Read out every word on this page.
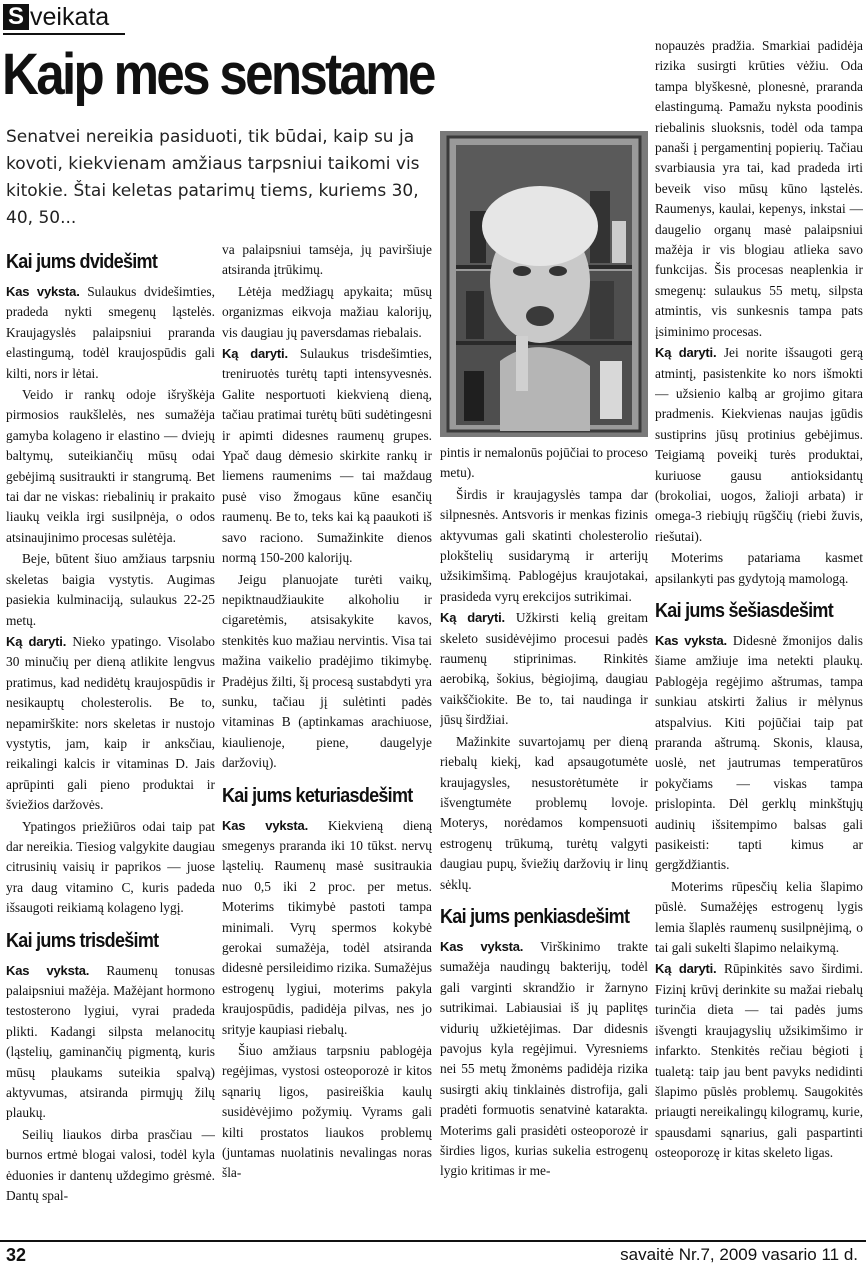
S veikata
Kaip mes senstame

Senatvei nereikia pasiduoti, tik būdai, kaip su ja kovoti, kiekvienam amžiaus tarpsniui taikomi vis kitokie. Štai keletas patarimų tiems, kuriems 30, 40, 50...

Kai jums dvidešimt

Kas vyksta. Sulaukus dvidešimties, pradeda nykti smegenų ląstelės. Kraujagyslės palaipsniui praranda elastingumą, todėl kraujospūdis gali kilti, nors ir lėtai.

Veido ir rankų odoje išryškėja pirmosios raukšlelės, nes sumažėja gamyba kolageno ir elastino — dviejų baltymų, suteikiančių mūsų odai gebėjimą susitraukti ir stangrumą. Bet tai dar ne viskas: riebalinių ir prakaito liaukų veikla irgi susilpnėja, o odos atsinaujinimo procesas sulėtėja.

Beje, būtent šiuo amžiaus tarpsniu skeletas baigia vystytis. Augimas pasiekia kulminaciją, sulaukus 22-25 metų.

Ką daryti. Nieko ypatingo. Visolabo 30 minučių per dieną atlikite lengvus pratimus, kad nedidėtų kraujospūdis ir nesikauptų cholesterolis. Be to, nepamirškite: nors skeletas ir nustojo vystytis, jam, kaip ir anksčiau, reikalingi kalcis ir vitaminas D. Jais aprūpinti gali pieno produktai ir šviežios daržovės.

Ypatingos priežiūros odai taip pat dar nereikia. Tiesiog valgykite daugiau citrusinių vaisių ir paprikos — juose yra daug vitamino C, kuris padeda išsaugoti reikiamą kolageno lygį.

Kai jums trisdešimt

Kas vyksta. Raumenų tonusas palaipsniui mažėja. Mažėjant hormono testosterono lygiui, vyrai pradeda plikti. Kadangi silpsta melanocitų (ląstelių, gaminančių pigmentą, kuris mūsų plaukams suteikia spalvą) aktyvumas, atsiranda pirmųjų žilų plaukų.

Seilių liaukos dirba prasčiau — burnos ertmė blogai valosi, todėl kyla ėduonies ir dantenų uždegimo grėsmė. Dantų spal-

va palaipsniui tamsėja, jų paviršiuje atsiranda įtrūkimų.

Lėtėja medžiagų apykaita; mūsų organizmas eikvoja mažiau kalorijų, vis daugiau jų paversdamas riebalais.

Ką daryti. Sulaukus trisdešimties, treniruotės turėtų tapti intensyvesnės. Galite nesportuoti kiekvieną dieną, tačiau pratimai turėtų būti sudėtingesni ir apimti didesnes raumenų grupes. Ypač daug dėmesio skirkite rankų ir liemens raumenims — tai maždaug pusė viso žmogaus kūne esančių raumenų. Be to, teks kai ką paaukoti iš savo raciono. Sumažinkite dienos normą 150-200 kalorijų.

Jeigu planuojate turėti vaikų, nepiktnaudžiaukite alkoholiu ir cigaretėmis, atsisakykite kavos, stenkitės kuo mažiau nervintis. Visa tai mažina vaikelio pradėjimo tikimybę. Pradėjus žilti, šį procesą sustabdyti yra sunku, tačiau jį sulėtinti padės vitaminas B (aptinkamas arachiuose, kiaulienoje, piene, daugelyje daržovių).

Kai jums keturiasdešimt

Kas vyksta. Kiekvieną dieną smegenys praranda iki 10 tūkst. nervų ląstelių. Raumenų masė susitraukia nuo 0,5 iki 2 proc. per metus. Moterims tikimybė pastoti tampa minimali. Vyrų spermos kokybė gerokai sumažėja, todėl atsiranda didesnė persileidimo rizika. Sumažėjus estrogenų lygiui, moterims pakyla kraujospūdis, padidėja pilvas, nes jo srityje kaupiasi riebalų.

Šiuo amžiaus tarpsniu pablogėja regėjimas, vystosi osteoporozė ir kitos sąnarių ligos, pasireiškia kaulų susidėvėjimo požymių. Vyrams gali kilti prostatos liaukos problemų (juntamas nuolatinis nevalingas noras šla-

pintis ir nemalonūs pojūčiai to proceso metu).

Širdis ir kraujagyslės tampa dar silpnesnės. Antsvoris ir menkas fizinis aktyvumas gali skatinti cholesterolio plokštelių susidarymą ir arterijų užsikimšimą. Pablogėjus kraujotakai, prasideda vyrų erekcijos sutrikimai.

Ką daryti. Užkirsti kelią greitam skeleto susidėvėjimo procesui padės raumenų stiprinimas. Rinkitės aerobiką, šokius, bėgiojimą, daugiau vaikščiokite. Be to, tai naudinga ir jūsų širdžiai.

Mažinkite suvartojamų per dieną riebalų kiekį, kad apsaugotumėte kraujagysles, nesustorėtumėte ir išvengtumėte problemų lovoje. Moterys, norėdamos kompensuoti estrogenų trūkumą, turėtų valgyti daugiau pupų, šviežių daržovių ir linų sėklų.

Kai jums penkiasdešimt

Kas vyksta. Virškinimo trakte sumažėja naudingų bakterijų, todėl gali varginti skrandžio ir žarnyno sutrikimai. Labiausiai iš jų paplitęs vidurių užkietėjimas. Dar didesnis pavojus kyla regėjimui. Vyresniems nei 55 metų žmonėms padidėja rizika susirgti akių tinklainės distrofija, gali pradėti formuotis senatvinė katarakta. Moterims gali prasidėti osteoporozė ir širdies ligos, kurias sukelia estrogenų lygio kritimas ir me-

nopauzės pradžia. Smarkiai padidėja rizika susirgti krūties vėžiu. Oda tampa blyškesnė, plonesnė, praranda elastingumą. Pamažu nyksta poodinis riebalinis sluoksnis, todėl oda tampa panaši į pergamentinį popierių. Tačiau svarbiausia yra tai, kad pradeda irti beveik viso mūsų kūno ląstelės. Raumenys, kaulai, kepenys, inkstai — daugelio organų masė palaipsniui mažėja ir vis blogiau atlieka savo funkcijas. Šis procesas neaplenkia ir smegenų: sulaukus 55 metų, silpsta atmintis, vis sunkesnis tampa pats įsiminimo procesas.

Ką daryti. Jei norite išsaugoti gerą atmintį, pasistenkite ko nors išmokti — užsienio kalbą ar grojimo gitara pradmenis. Kiekvienas naujas įgūdis sustiprins jūsų protinius gebėjimus. Teigiamą poveikį turės produktai, kuriuose gausu antioksidantų (brokoliai, uogos, žalioji arbata) ir omega-3 riebiųjų rūgščių (riebi žuvis, riešutai).

Moterims patariama kasmet apsilankyti pas gydytoją mamologą.

Kai jums šešiasdešimt

Kas vyksta. Didesnė žmonijos dalis šiame amžiuje ima netekti plaukų. Pablogėja regėjimo aštrumas, tampa sunkiau atskirti žalius ir mėlynus atspalvius. Kiti pojūčiai taip pat praranda aštrumą. Skonis, klausa, uoslė, net jautrumas temperatūros pokyčiams — viskas tampa prislopinta. Dėl gerklų minkštųjų audinių išsitempimo balsas gali pasikeisti: tapti kimus ar gergždžiantis.

Moterims rūpesčių kelia šlapimo pūslė. Sumažėjęs estrogenų lygis lemia šlaplės raumenų susilpnėjimą, o tai gali sukelti šlapimo nelaikymą.

Ką daryti. Rūpinkitės savo širdimi. Fizinį krūvį derinkite su mažai riebalų turinčia dieta — tai padės jums išvengti kraujagyslių užsikimšimo ir infarkto. Stenkitės rečiau bėgioti į tualetą: taip jau bent pavyks nedidinti šlapimo pūslės problemų. Saugokitės priaugti nereikalingų kilogramų, kurie, spausdami sąnarius, gali paspartinti osteoporozę ir kitas skeleto ligas.

32	savaitė Nr.7, 2009 vasario 11 d.
